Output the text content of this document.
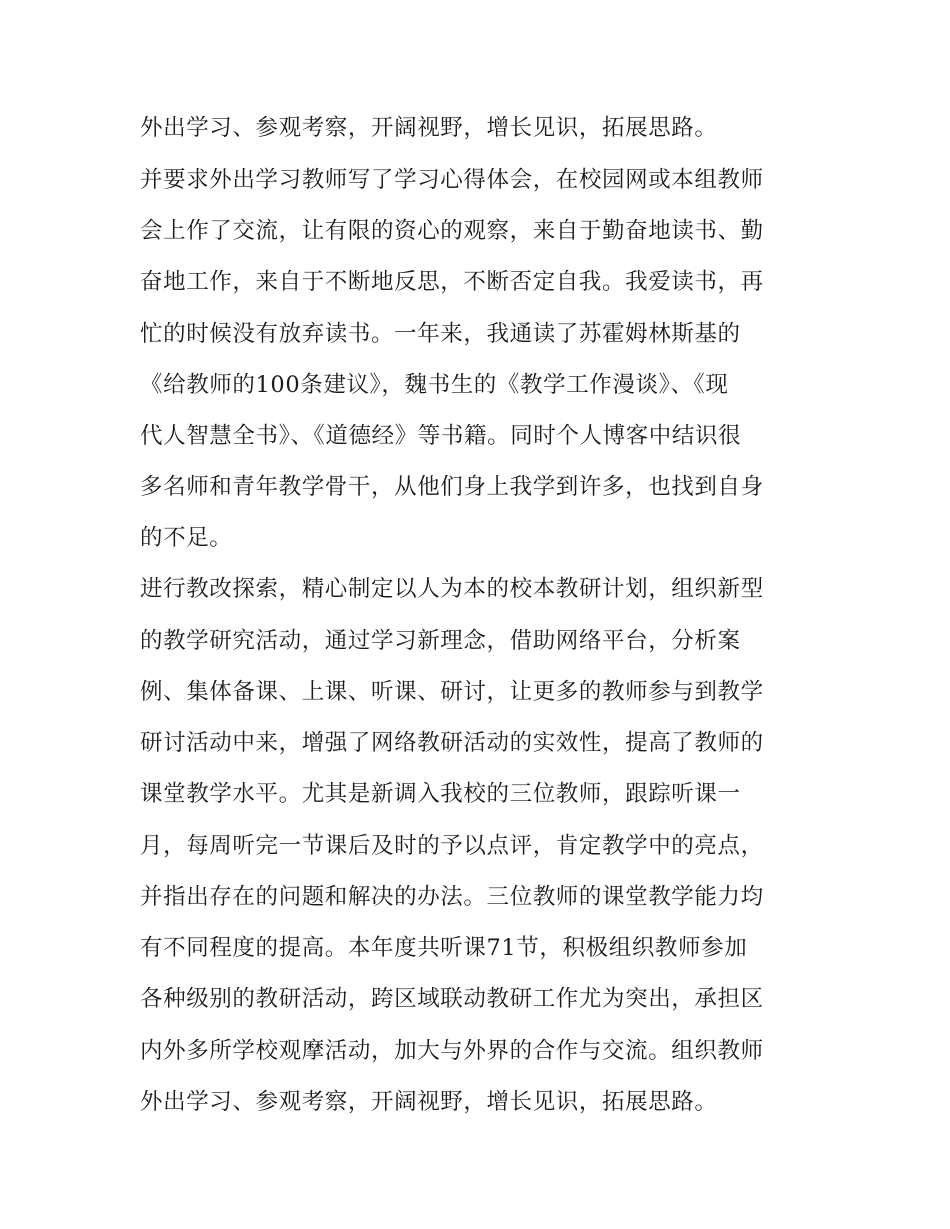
外出学习、参观考察，开阔视野，增长见识，拓展思路。
并要求外出学习教师写了学习心得体会，在校园网或本组教师
会上作了交流，让有限的资心的观察，来自于勤奋地读书、勤
奋地工作，来自于不断地反思，不断否定自我。我爱读书，再
忙的时候没有放弃读书。一年来，我通读了苏霍姆林斯基的
《给教师的100条建议》，魏书生的《教学工作漫谈》、《现
代人智慧全书》、《道德经》等书籍。同时个人博客中结识很
多名师和青年教学骨干，从他们身上我学到许多，也找到自身
的不足。
进行教改探索，精心制定以人为本的校本教研计划，组织新型
的教学研究活动，通过学习新理念，借助网络平台，分析案
例、集体备课、上课、听课、研讨，让更多的教师参与到教学
研讨活动中来，增强了网络教研活动的实效性，提高了教师的
课堂教学水平。尤其是新调入我校的三位教师，跟踪听课一
月，每周听完一节课后及时的予以点评，肯定教学中的亮点，
并指出存在的问题和解决的办法。三位教师的课堂教学能力均
有不同程度的提高。本年度共听课71节，积极组织教师参加
各种级别的教研活动，跨区域联动教研工作尤为突出，承担区
内外多所学校观摩活动，加大与外界的合作与交流。组织教师
外出学习、参观考察，开阔视野，增长见识，拓展思路。
